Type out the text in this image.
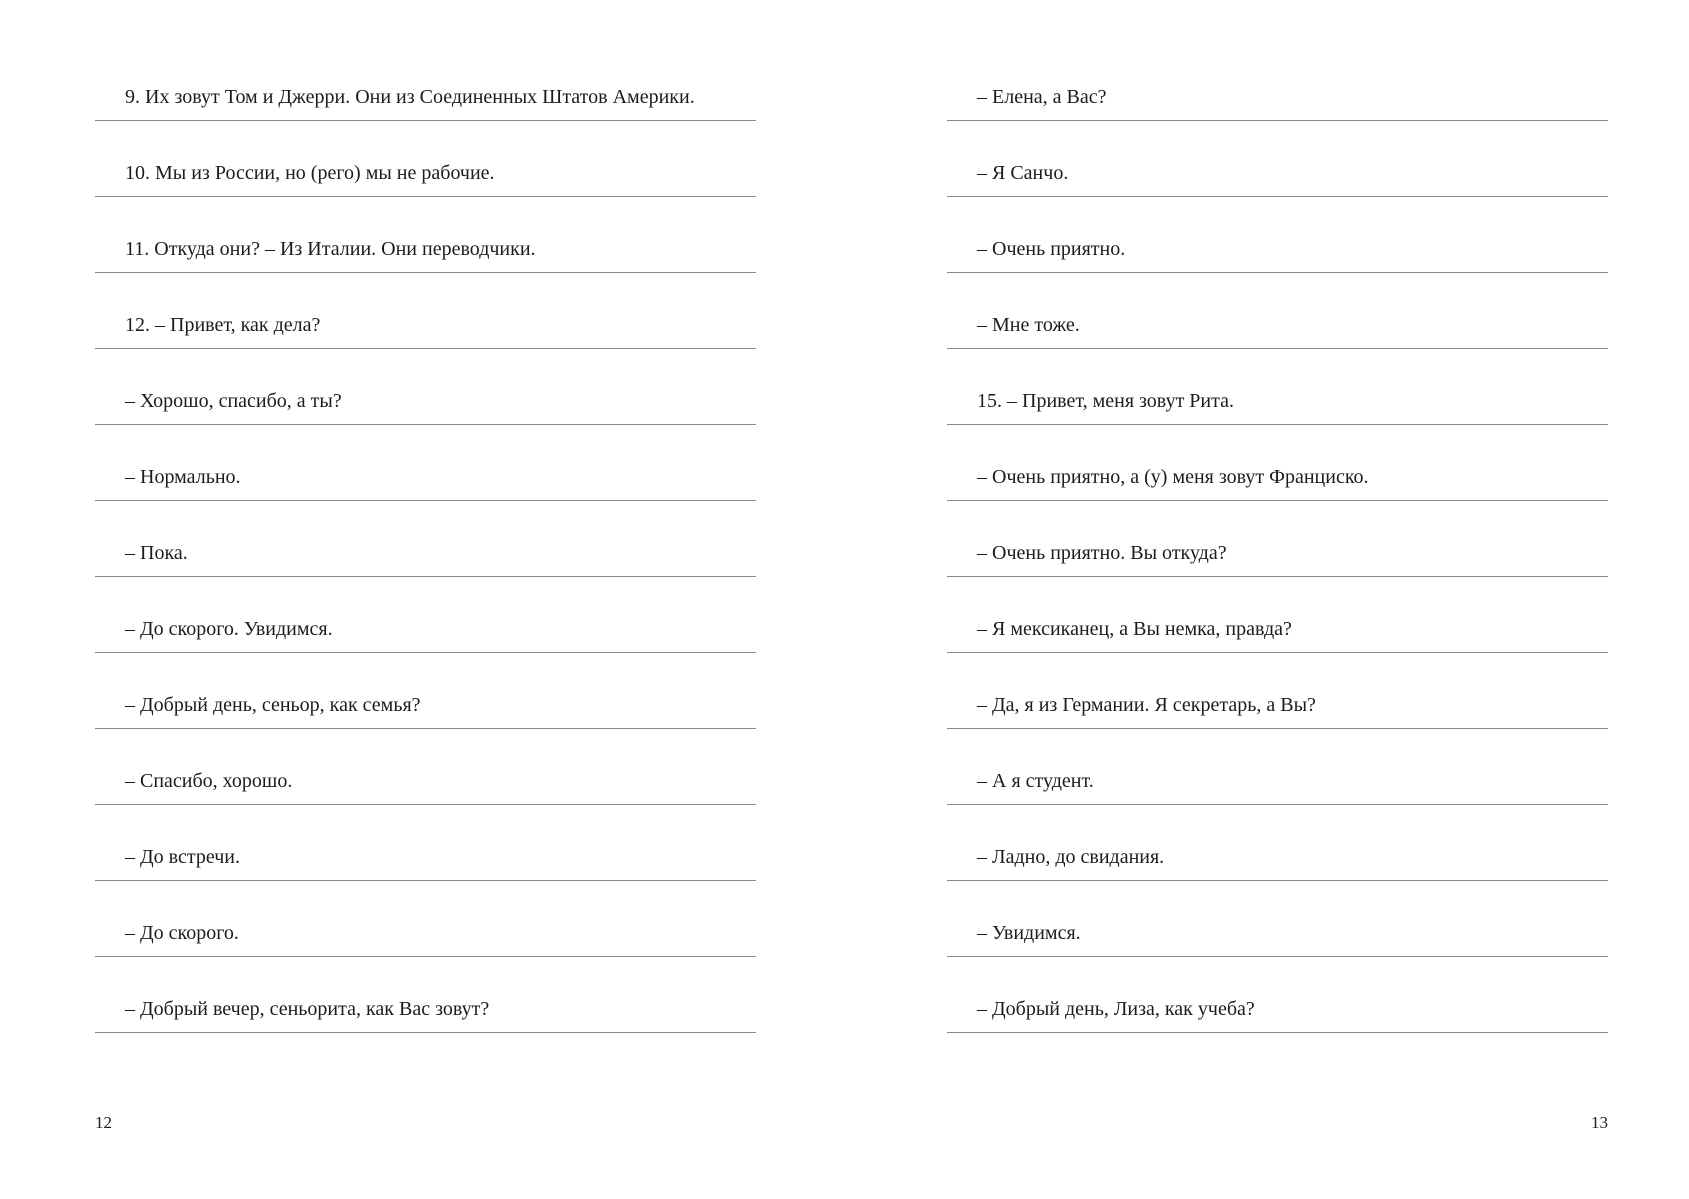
9. Их зовут Том и Джерри. Они из Соединенных Штатов Америки.
10. Мы из России, но (рего) мы не рабочие.
11. Откуда они? – Из Италии. Они переводчики.
12. – Привет, как дела?
– Хорошо, спасибо, а ты?
– Нормально.
– Пока.
– До скорого. Увидимся.
– Добрый день, сеньор, как семья?
– Спасибо, хорошо.
– До встречи.
– До скорого.
– Добрый вечер, сеньорита, как Вас зовут?
12
– Елена, а Вас?
– Я Санчо.
– Очень приятно.
– Мне тоже.
15. – Привет, меня зовут Рита.
– Очень приятно, а (у) меня зовут Франциско.
– Очень приятно. Вы откуда?
– Я мексиканец, а Вы немка, правда?
– Да, я из Германии. Я секретарь, а Вы?
– А я студент.
– Ладно, до свидания.
– Увидимся.
– Добрый день, Лиза, как учеба?
13
